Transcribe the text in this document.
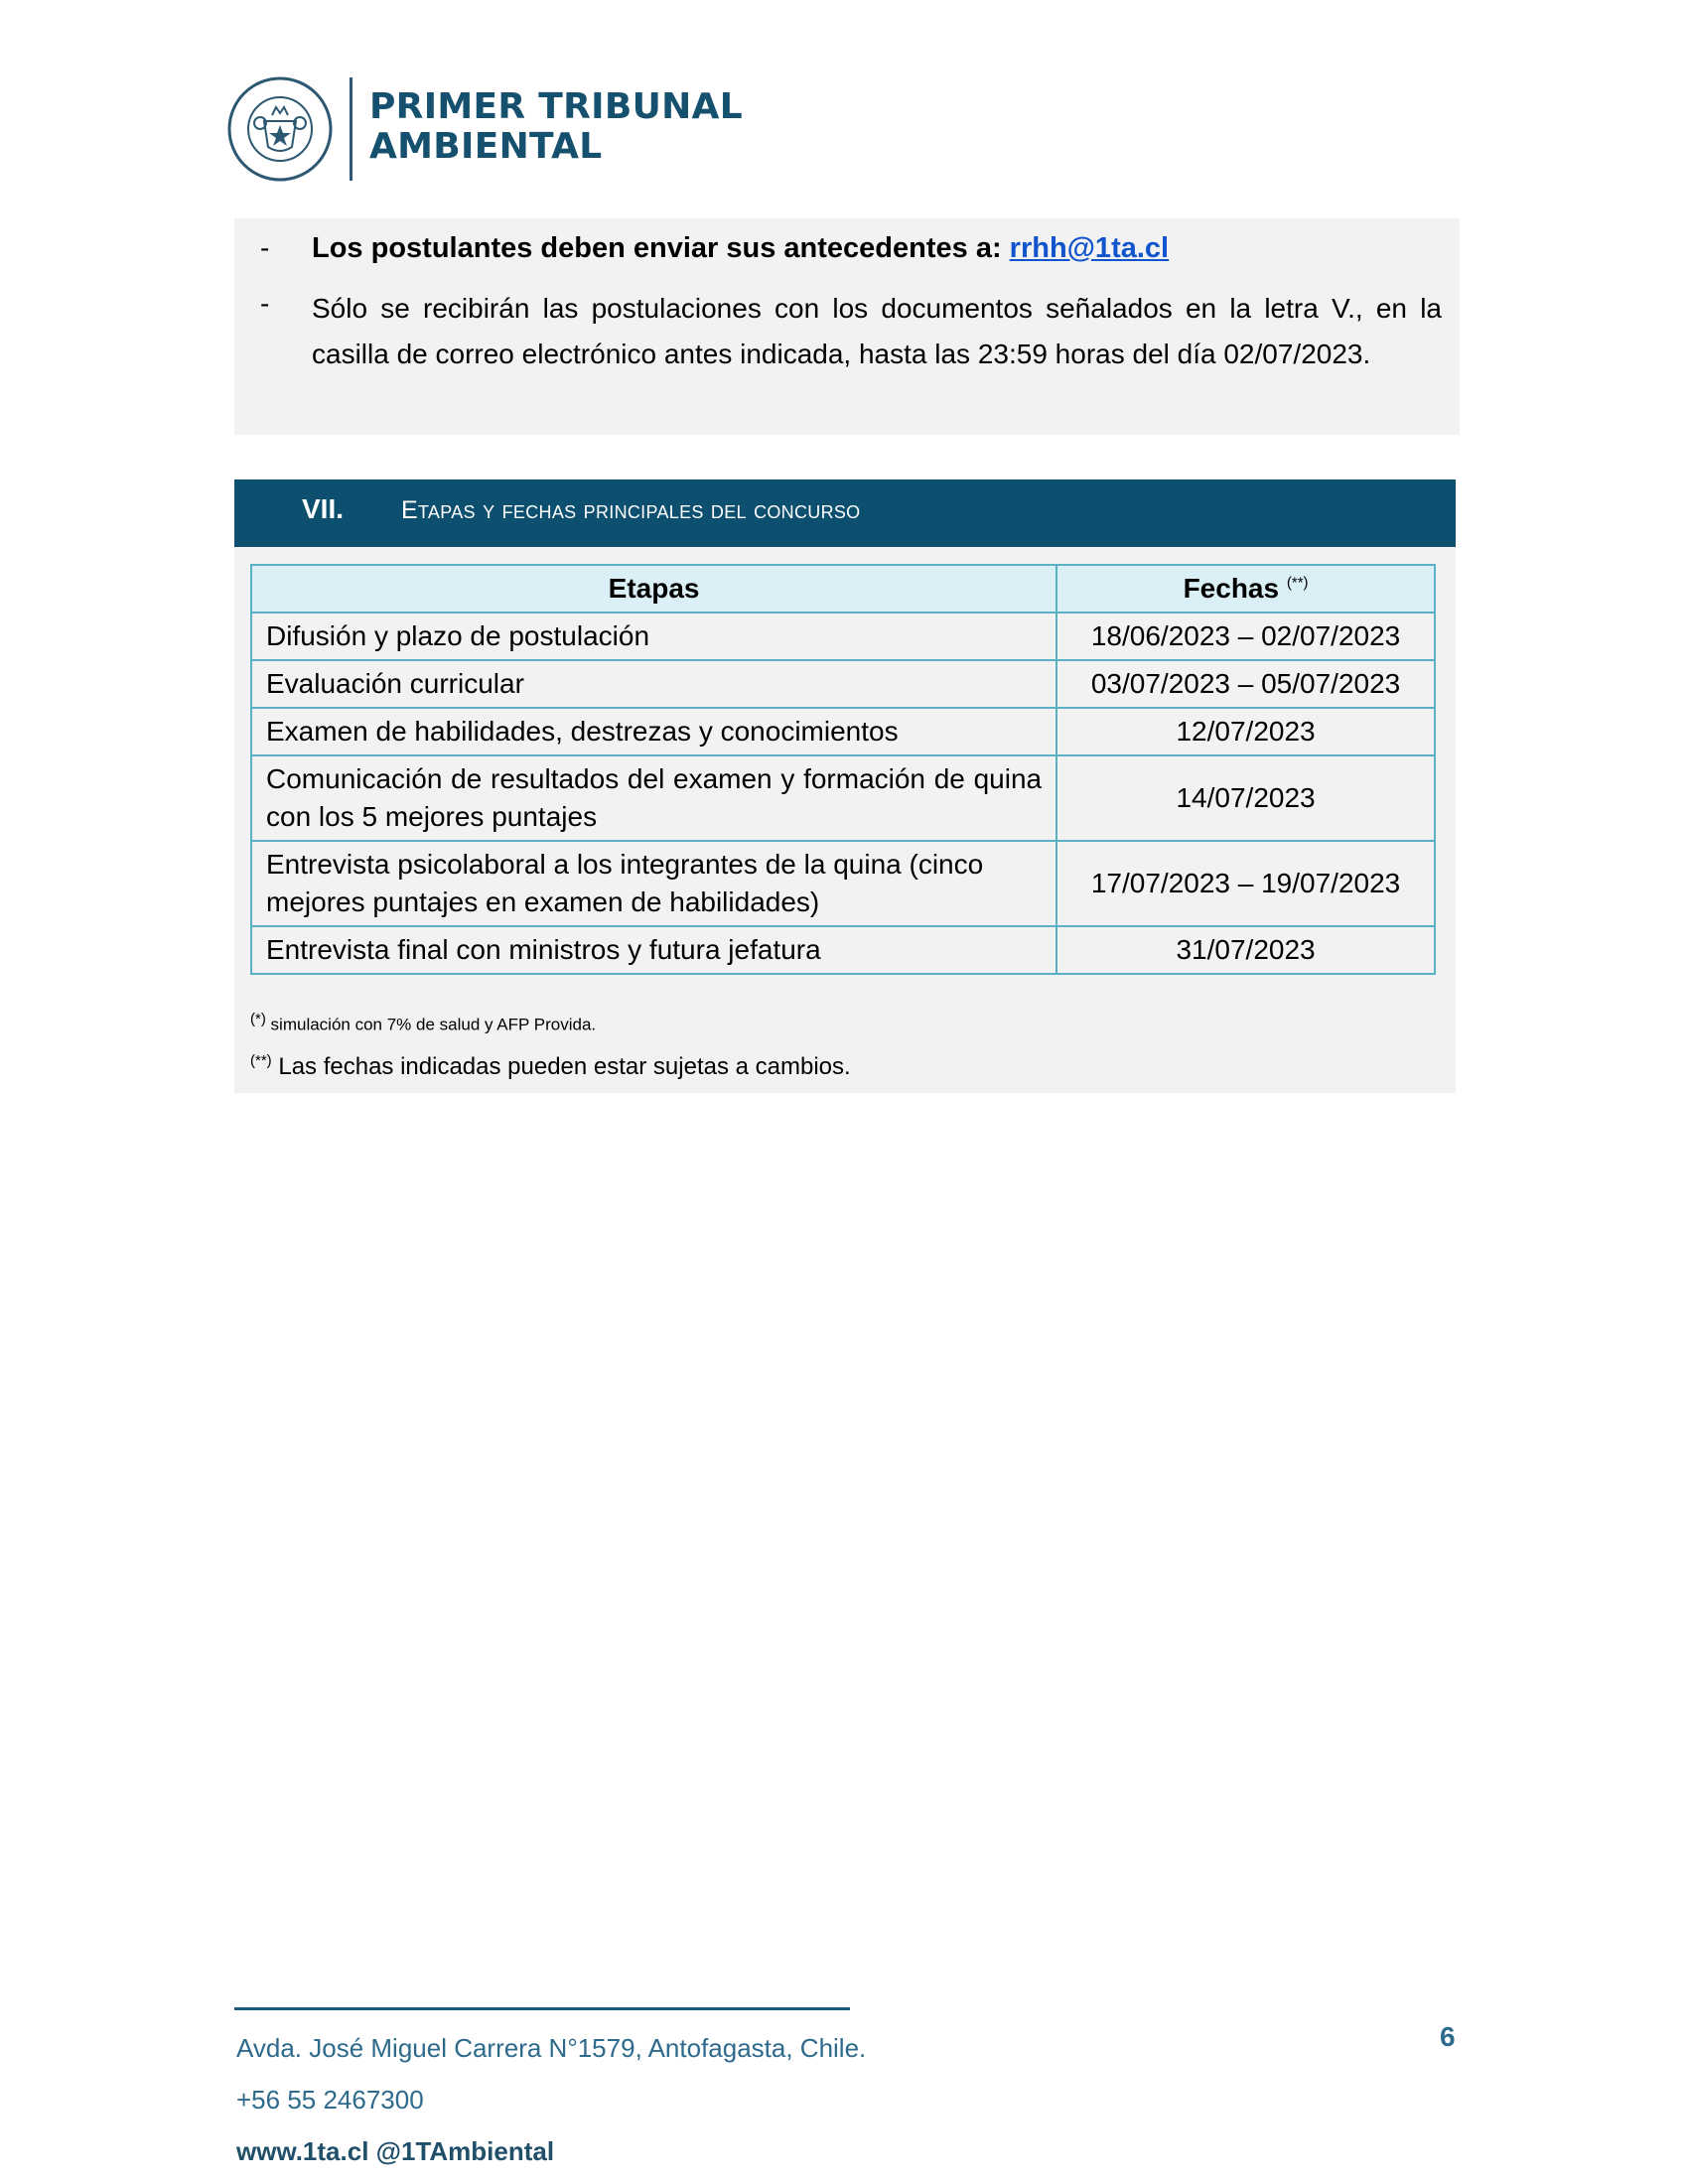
PRIMER TRIBUNAL
AMBIENTAL
- Los postulantes deben enviar sus antecedentes a: rrhh@1ta.cl
- Sólo se recibirán las postulaciones con los documentos señalados en la letra V., en la casilla de correo electrónico antes indicada, hasta las 23:59 horas del día 02/07/2023.
VII. Etapas y fechas principales del concurso
Etapas	Fechas (**)
Difusión y plazo de postulación	18/06/2023 – 02/07/2023
Evaluación curricular	03/07/2023 – 05/07/2023
Examen de habilidades, destrezas y conocimientos	12/07/2023
Comunicación de resultados del examen y formación de quina con los 5 mejores puntajes	14/07/2023
Entrevista psicolaboral a los integrantes de la quina (cinco mejores puntajes en examen de habilidades)	17/07/2023 – 19/07/2023
Entrevista final con ministros y futura jefatura	31/07/2023
(*) simulación con 7% de salud y AFP Provida.
(**) Las fechas indicadas pueden estar sujetas a cambios.
Avda. José Miguel Carrera N°1579, Antofagasta, Chile.
+56 55 2467300
www.1ta.cl @1TAmbiental
6
